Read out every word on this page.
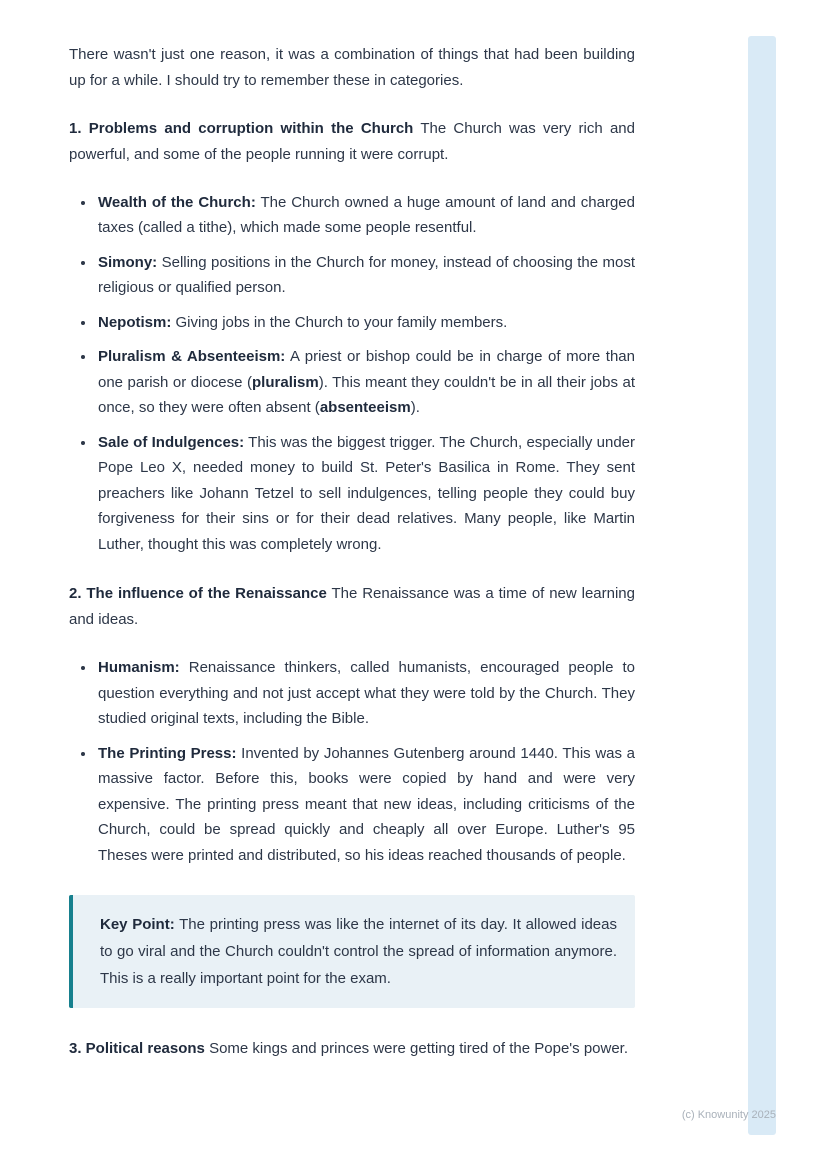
There wasn't just one reason, it was a combination of things that had been building up for a while. I should try to remember these in categories.

1. Problems and corruption within the Church The Church was very rich and powerful, and some of the people running it were corrupt.

• Wealth of the Church: The Church owned a huge amount of land and charged taxes (called a tithe), which made some people resentful.
• Simony: Selling positions in the Church for money, instead of choosing the most religious or qualified person.
• Nepotism: Giving jobs in the Church to your family members.
• Pluralism & Absenteeism: A priest or bishop could be in charge of more than one parish or diocese (pluralism). This meant they couldn't be in all their jobs at once, so they were often absent (absenteeism).
• Sale of Indulgences: This was the biggest trigger. The Church, especially under Pope Leo X, needed money to build St. Peter's Basilica in Rome. They sent preachers like Johann Tetzel to sell indulgences, telling people they could buy forgiveness for their sins or for their dead relatives. Many people, like Martin Luther, thought this was completely wrong.

2. The influence of the Renaissance The Renaissance was a time of new learning and ideas.

• Humanism: Renaissance thinkers, called humanists, encouraged people to question everything and not just accept what they were told by the Church. They studied original texts, including the Bible.
• The Printing Press: Invented by Johannes Gutenberg around 1440. This was a massive factor. Before this, books were copied by hand and were very expensive. The printing press meant that new ideas, including criticisms of the Church, could be spread quickly and cheaply all over Europe. Luther's 95 Theses were printed and distributed, so his ideas reached thousands of people.

Key Point: The printing press was like the internet of its day. It allowed ideas to go viral and the Church couldn't control the spread of information anymore. This is a really important point for the exam.

3. Political reasons Some kings and princes were getting tired of the Pope's power.

(c) Knowunity 2025
